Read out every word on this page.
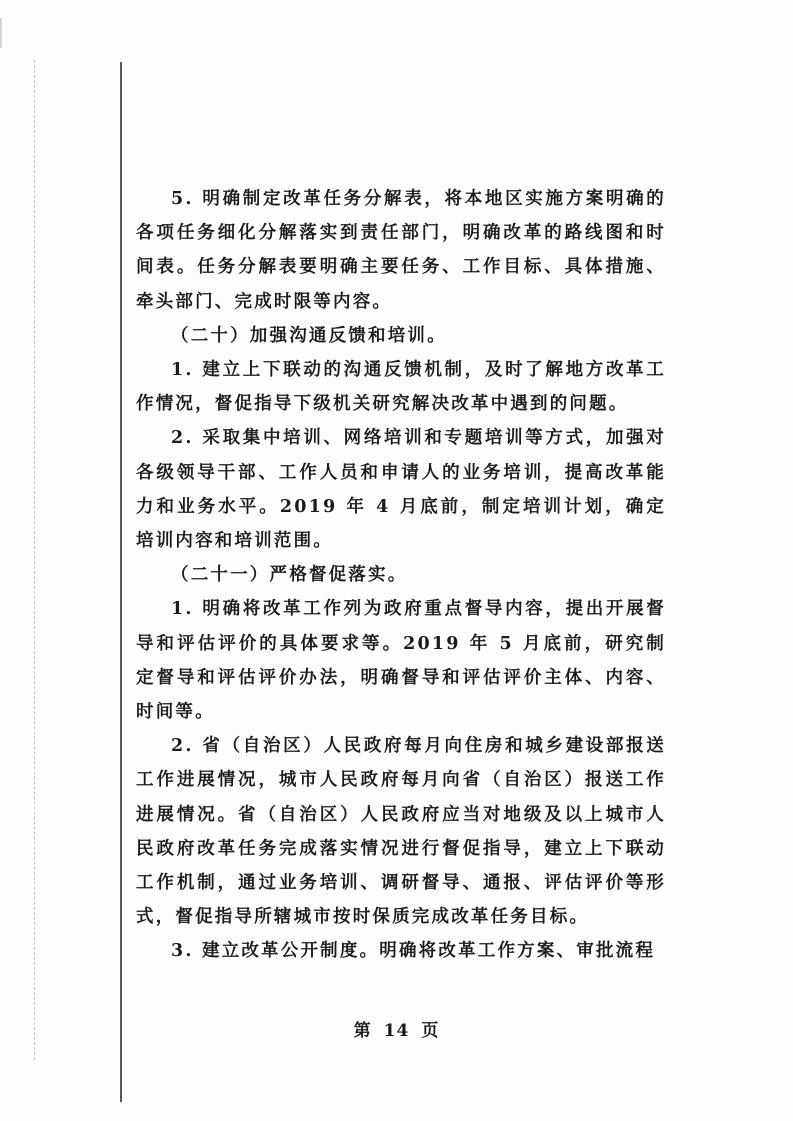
5. 明确制定改革任务分解表，将本地区实施方案明确的各项任务细化分解落实到责任部门，明确改革的路线图和时间表。任务分解表要明确主要任务、工作目标、具体措施、牵头部门、完成时限等内容。

（二十）加强沟通反馈和培训。

1. 建立上下联动的沟通反馈机制，及时了解地方改革工作情况，督促指导下级机关研究解决改革中遇到的问题。

2. 采取集中培训、网络培训和专题培训等方式，加强对各级领导干部、工作人员和申请人的业务培训，提高改革能力和业务水平。2019 年 4 月底前，制定培训计划，确定培训内容和培训范围。

（二十一）严格督促落实。

1. 明确将改革工作列为政府重点督导内容，提出开展督导和评估评价的具体要求等。2019 年 5 月底前，研究制定督导和评估评价办法，明确督导和评估评价主体、内容、时间等。

2. 省（自治区）人民政府每月向住房和城乡建设部报送工作进展情况，城市人民政府每月向省（自治区）报送工作进展情况。省（自治区）人民政府应当对地级及以上城市人民政府改革任务完成落实情况进行督促指导，建立上下联动工作机制，通过业务培训、调研督导、通报、评估评价等形式，督促指导所辖城市按时保质完成改革任务目标。

3. 建立改革公开制度。明确将改革工作方案、审批流程

第 14 页
